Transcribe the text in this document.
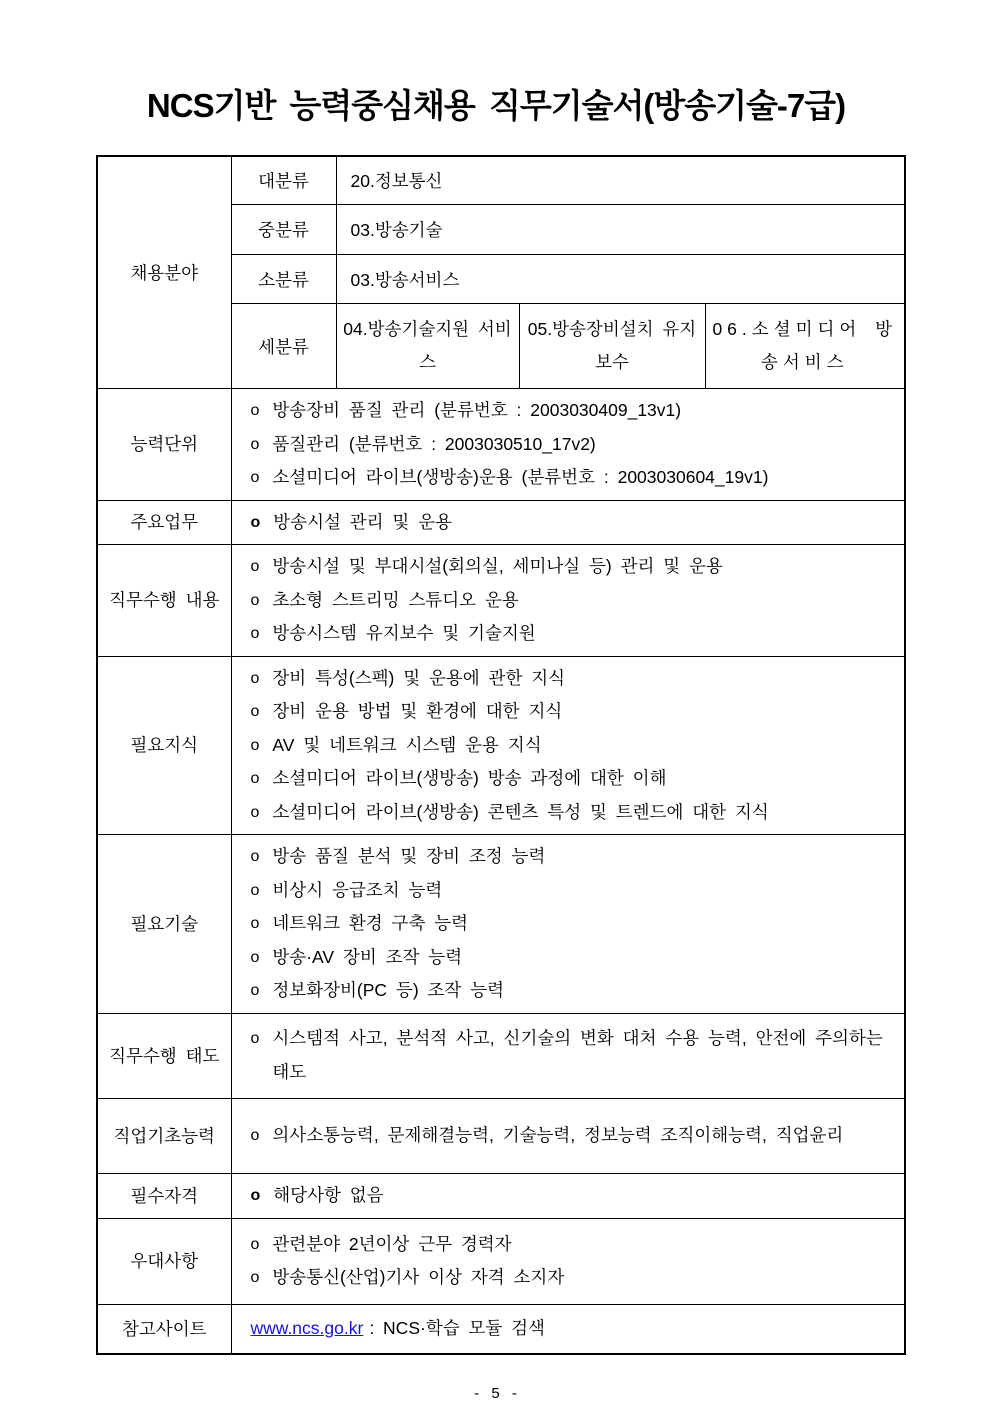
NCS기반 능력중심채용 직무기술서(방송기술-7급)
채용분야	대분류	20.정보통신		
	중분류	03.방송기술		
	소분류	03.방송서비스		
	세분류	04.방송기술지원 서비스	05.방송장비설치 유지보수	06.소셜미디어 방송서비스
능력단위	
o 방송장비 품질 관리 (분류번호 : 2003030409_13v1)
o 품질관리 (분류번호 : 2003030510_17v2)
o 소셜미디어 라이브(생방송)운용 (분류번호 : 2003030604_19v1)

주요업무	o 방송시설 관리 및 운용			

직무수행 내용	
o 방송시설 및 부대시설(회의실, 세미나실 등) 관리 및 운용
o 초소형 스트리밍 스튜디오 운용
o 방송시스템 유지보수 및 기술지원

필요지식	
o 장비 특성(스펙) 및 운용에 관한 지식
o 장비 운용 방법 및 환경에 대한 지식
o AV 및 네트워크 시스템 운용 지식
o 소셜미디어 라이브(생방송) 방송 과정에 대한 이해
o 소셜미디어 라이브(생방송) 콘텐츠 특성 및 트렌드에 대한 지식

필요기술	
o 방송 품질 분석 및 장비 조정 능력
o 비상시 응급조치 능력
o 네트워크 환경 구축 능력
o 방송·AV 장비 조작 능력
o 정보화장비(PC 등) 조작 능력

직무수행 태도	o 시스템적 사고, 분석적 사고, 신기술의 변화 대처 수용 능력, 안전에 주의하는 태도			

직업기초능력	o 의사소통능력, 문제해결능력, 기술능력, 정보능력 조직이해능력, 직업윤리			

필수자격	o 해당사항 없음			

우대사항	o 관련분야 2년이상 근무 경력자
o 방송통신(산업)기사 이상 자격 소지자			

참고사이트	www.ncs.go.kr : NCS·학습 모듈 검색			
- 5 -
